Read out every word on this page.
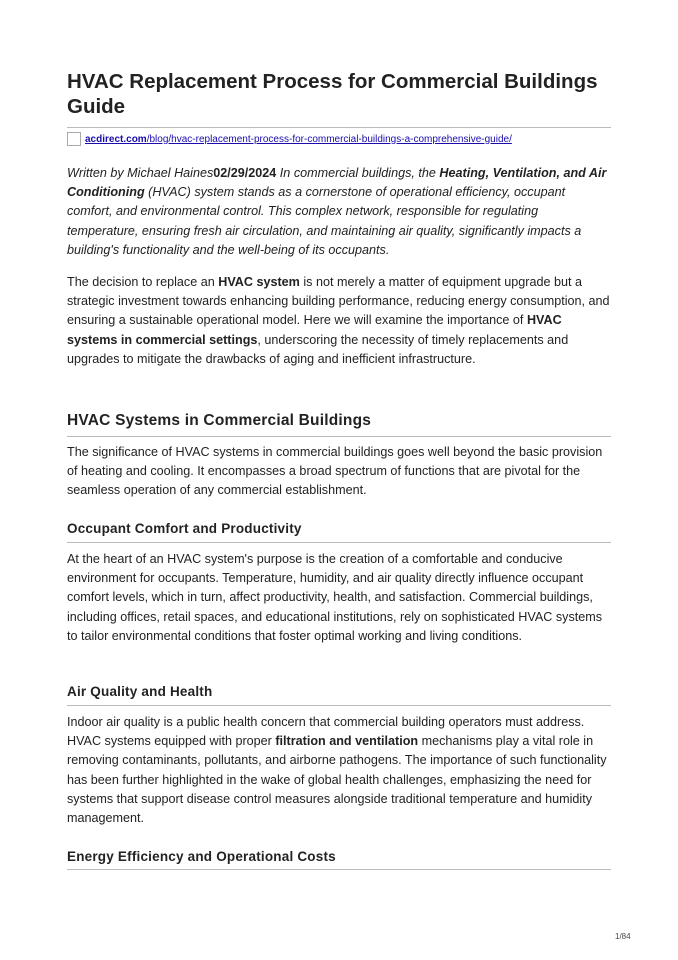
HVAC Replacement Process for Commercial Buildings Guide
acdirect.com/blog/hvac-replacement-process-for-commercial-buildings-a-comprehensive-guide/

Written by Michael Haines02/29/2024 In commercial buildings, the Heating, Ventilation, and Air Conditioning (HVAC) system stands as a cornerstone of operational efficiency, occupant comfort, and environmental control. This complex network, responsible for regulating temperature, ensuring fresh air circulation, and maintaining air quality, significantly impacts a building's functionality and the well-being of its occupants.

The decision to replace an HVAC system is not merely a matter of equipment upgrade but a strategic investment towards enhancing building performance, reducing energy consumption, and ensuring a sustainable operational model. Here we will examine the importance of HVAC systems in commercial settings, underscoring the necessity of timely replacements and upgrades to mitigate the drawbacks of aging and inefficient infrastructure.

HVAC Systems in Commercial Buildings

The significance of HVAC systems in commercial buildings goes well beyond the basic provision of heating and cooling. It encompasses a broad spectrum of functions that are pivotal for the seamless operation of any commercial establishment.

Occupant Comfort and Productivity

At the heart of an HVAC system's purpose is the creation of a comfortable and conducive environment for occupants. Temperature, humidity, and air quality directly influence occupant comfort levels, which in turn, affect productivity, health, and satisfaction. Commercial buildings, including offices, retail spaces, and educational institutions, rely on sophisticated HVAC systems to tailor environmental conditions that foster optimal working and living conditions.

Air Quality and Health

Indoor air quality is a public health concern that commercial building operators must address. HVAC systems equipped with proper filtration and ventilation mechanisms play a vital role in removing contaminants, pollutants, and airborne pathogens. The importance of such functionality has been further highlighted in the wake of global health challenges, emphasizing the need for systems that support disease control measures alongside traditional temperature and humidity management.

Energy Efficiency and Operational Costs
1/84
